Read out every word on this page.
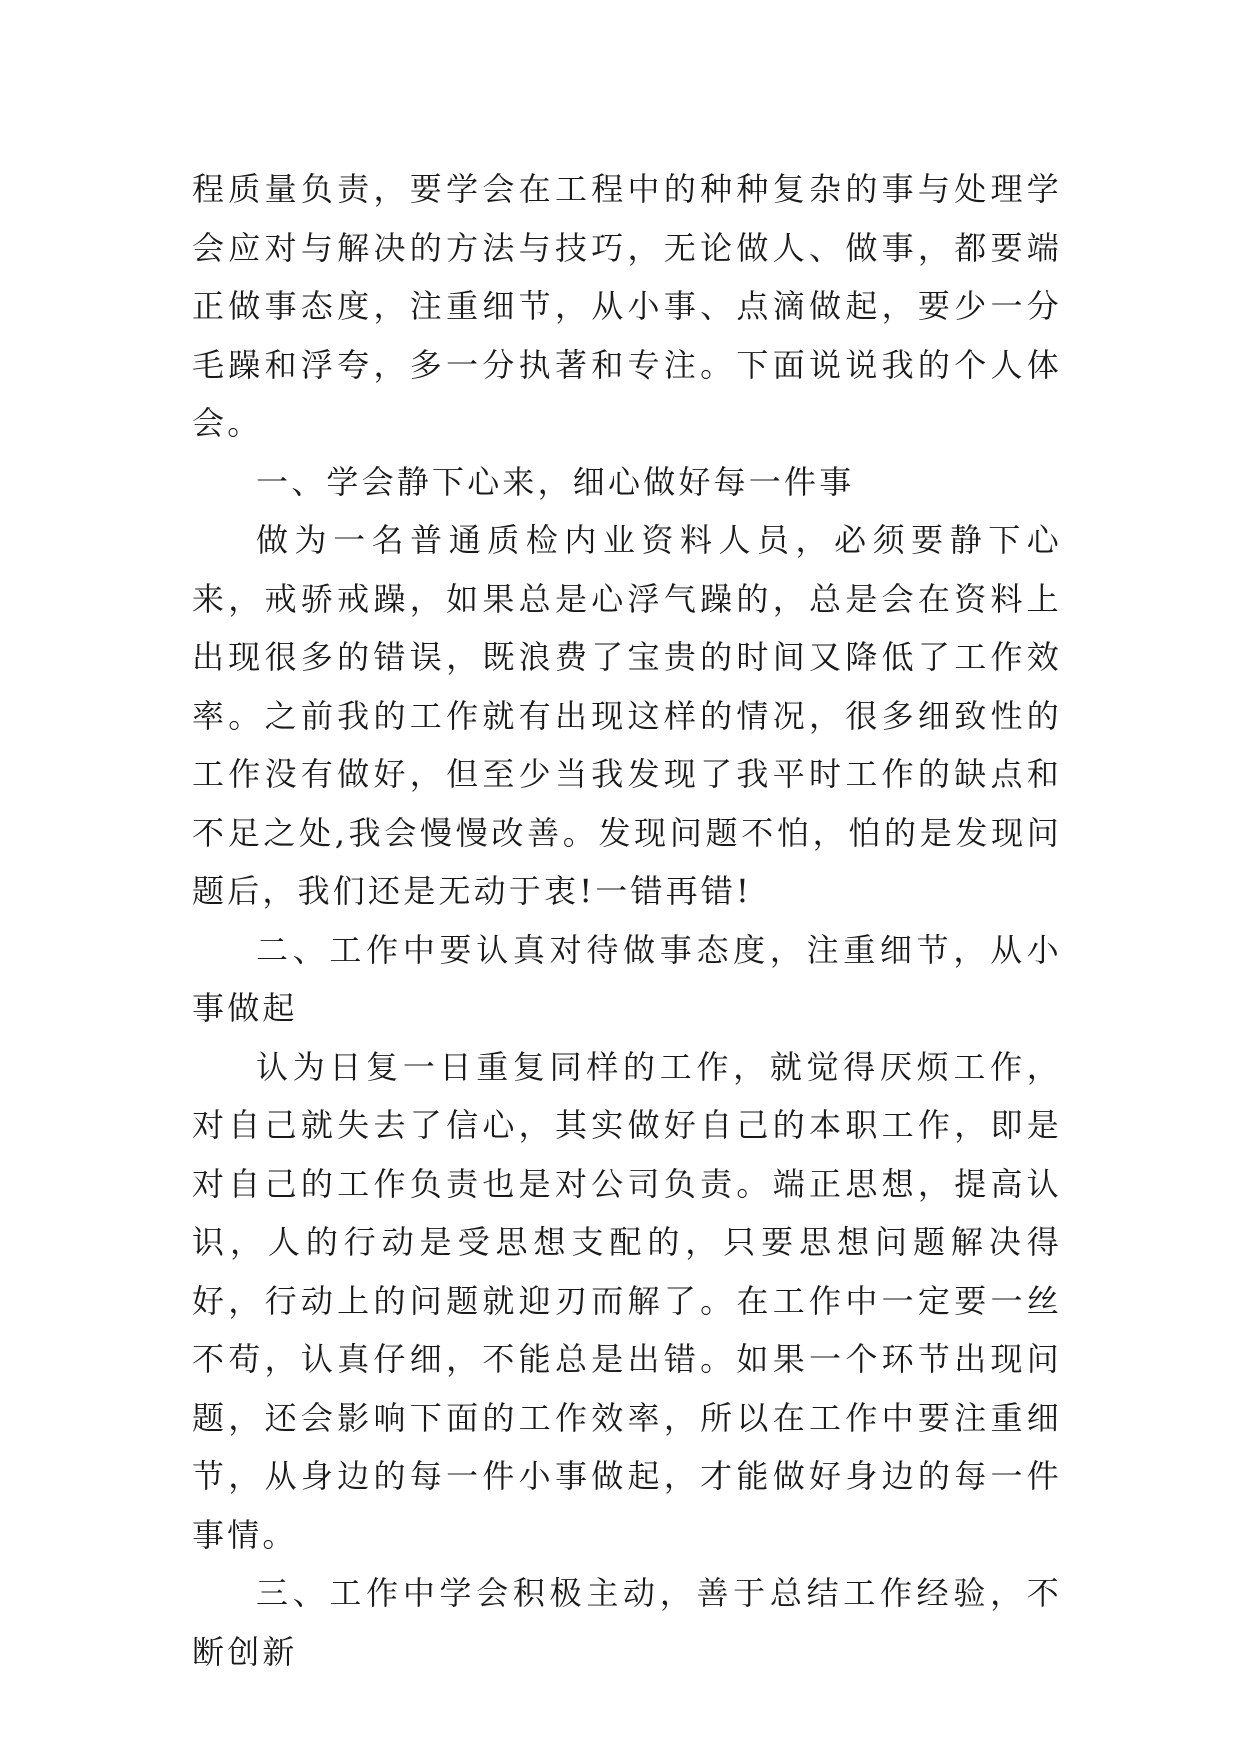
程质量负责，要学会在工程中的种种复杂的事与处理学会应对与解决的方法与技巧，无论做人、做事，都要端正做事态度，注重细节，从小事、点滴做起，要少一分毛躁和浮夸，多一分执著和专注。下面说说我的个人体会。

一、学会静下心来，细心做好每一件事

做为一名普通质检内业资料人员，必须要静下心来，戒骄戒躁，如果总是心浮气躁的，总是会在资料上出现很多的错误，既浪费了宝贵的时间又降低了工作效率。之前我的工作就有出现这样的情况，很多细致性的工作没有做好，但至少当我发现了我平时工作的缺点和不足之处,我会慢慢改善。发现问题不怕，怕的是发现问题后，我们还是无动于衷!一错再错!

二、工作中要认真对待做事态度，注重细节，从小事做起

认为日复一日重复同样的工作，就觉得厌烦工作，对自己就失去了信心，其实做好自己的本职工作，即是对自己的工作负责也是对公司负责。端正思想，提高认识，人的行动是受思想支配的，只要思想问题解决得好，行动上的问题就迎刃而解了。在工作中一定要一丝不苟，认真仔细，不能总是出错。如果一个环节出现问题，还会影响下面的工作效率，所以在工作中要注重细节，从身边的每一件小事做起，才能做好身边的每一件事情。

三、工作中学会积极主动，善于总结工作经验，不断创新
